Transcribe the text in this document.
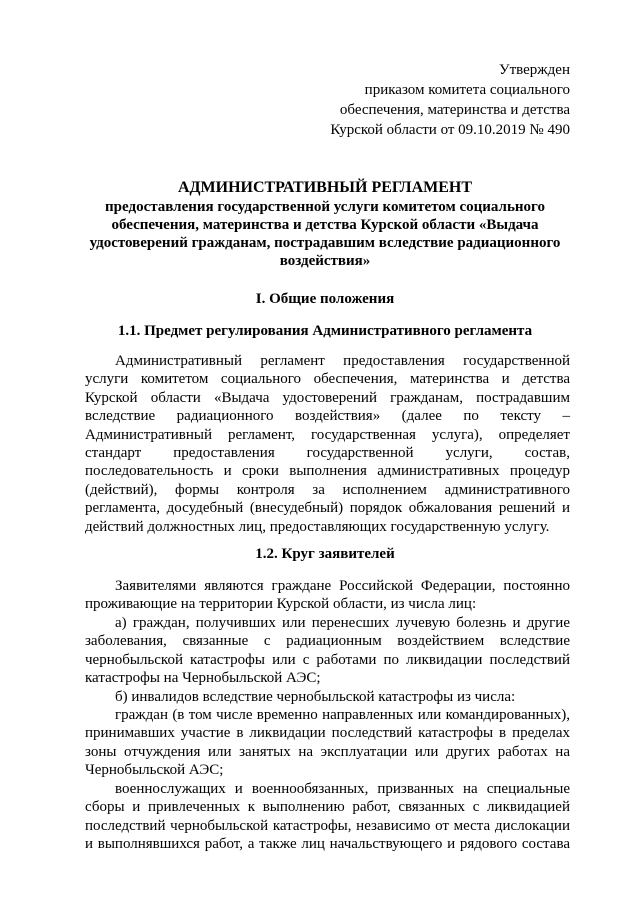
Утвержден
приказом комитета социального
обеспечения, материнства и детства
Курской области от 09.10.2019 № 490
АДМИНИСТРАТИВНЫЙ РЕГЛАМЕНТ
предоставления государственной услуги комитетом социального
обеспечения, материнства и детства Курской области «Выдача
удостоверений гражданам, пострадавшим вследствие радиационного
воздействия»
I. Общие положения
1.1. Предмет регулирования Административного регламента
Административный регламент предоставления государственной
услуги комитетом социального обеспечения, материнства и детства
Курской области «Выдача удостоверений гражданам, пострадавшим
вследствие радиационного воздействия» (далее по тексту –
Административный регламент, государственная услуга), определяет
стандарт предоставления государственной услуги, состав,
последовательность и сроки выполнения административных процедур
(действий), формы контроля за исполнением административного
регламента, досудебный (внесудебный) порядок обжалования решений и
действий должностных лиц, предоставляющих государственную услугу.
1.2. Круг заявителей
Заявителями являются граждане Российской Федерации, постоянно
проживающие на территории Курской области, из числа лиц:
а) граждан, получивших или перенесших лучевую болезнь и другие
заболевания, связанные с радиационным воздействием вследствие
чернобыльской катастрофы или с работами по ликвидации последствий
катастрофы на Чернобыльской АЭС;
б) инвалидов вследствие чернобыльской катастрофы из числа:
граждан (в том числе временно направленных или командированных),
принимавших участие в ликвидации последствий катастрофы в пределах
зоны отчуждения или занятых на эксплуатации или других работах на
Чернобыльской АЭС;
военнослужащих и военнообязанных, призванных на специальные
сборы и привлеченных к выполнению работ, связанных с ликвидацией
последствий чернобыльской катастрофы, независимо от места дислокации
и выполнявшихся работ, а также лиц начальствующего и рядового состава
